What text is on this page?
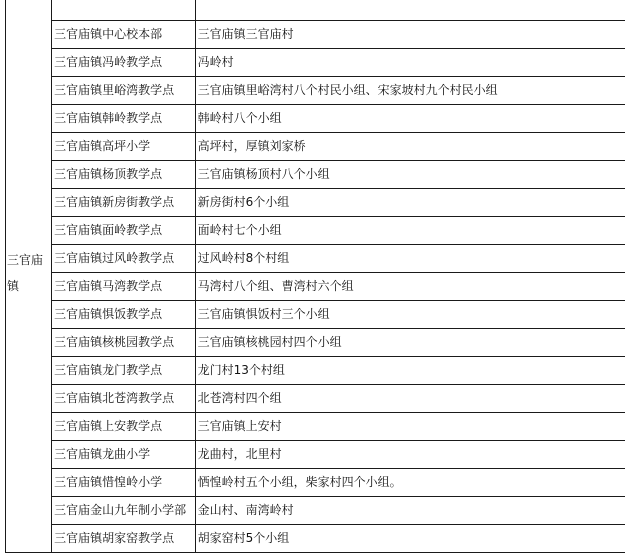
三官庙镇		
	三官庙镇中心校本部	三官庙镇三官庙村
	三官庙镇冯岭教学点	冯岭村
	三官庙镇里峪湾教学点	三官庙镇里峪湾村八个村民小组、宋家坡村九个村民小组
	三官庙镇韩岭教学点	韩岭村八个小组
	三官庙镇高坪小学	高坪村，厚镇刘家桥
	三官庙镇杨顶教学点	三官庙镇杨顶村八个小组
	三官庙镇新房街教学点	新房街村6个小组
	三官庙镇面岭教学点	面岭村七个小组
	三官庙镇过风岭教学点	过风岭村8个村组
	三官庙镇马湾教学点	马湾村八个组、曹湾村六个组
	三官庙镇惧饭教学点	三官庙镇惧饭村三个小组
	三官庙镇核桃园教学点	三官庙镇核桃园村四个小组
	三官庙镇龙门教学点	龙门村13个村组
	三官庙镇北苍湾教学点	北苍湾村四个组
	三官庙镇上安教学点	三官庙镇上安村
	三官庙镇龙曲小学	龙曲村，北里村
	三官庙镇惜惶岭小学	恓惶岭村五个小组，柴家村四个小组。
	三官庙金山九年制小学部	金山村、南湾岭村
	三官庙镇胡家窑教学点	胡家窑村5个小组
